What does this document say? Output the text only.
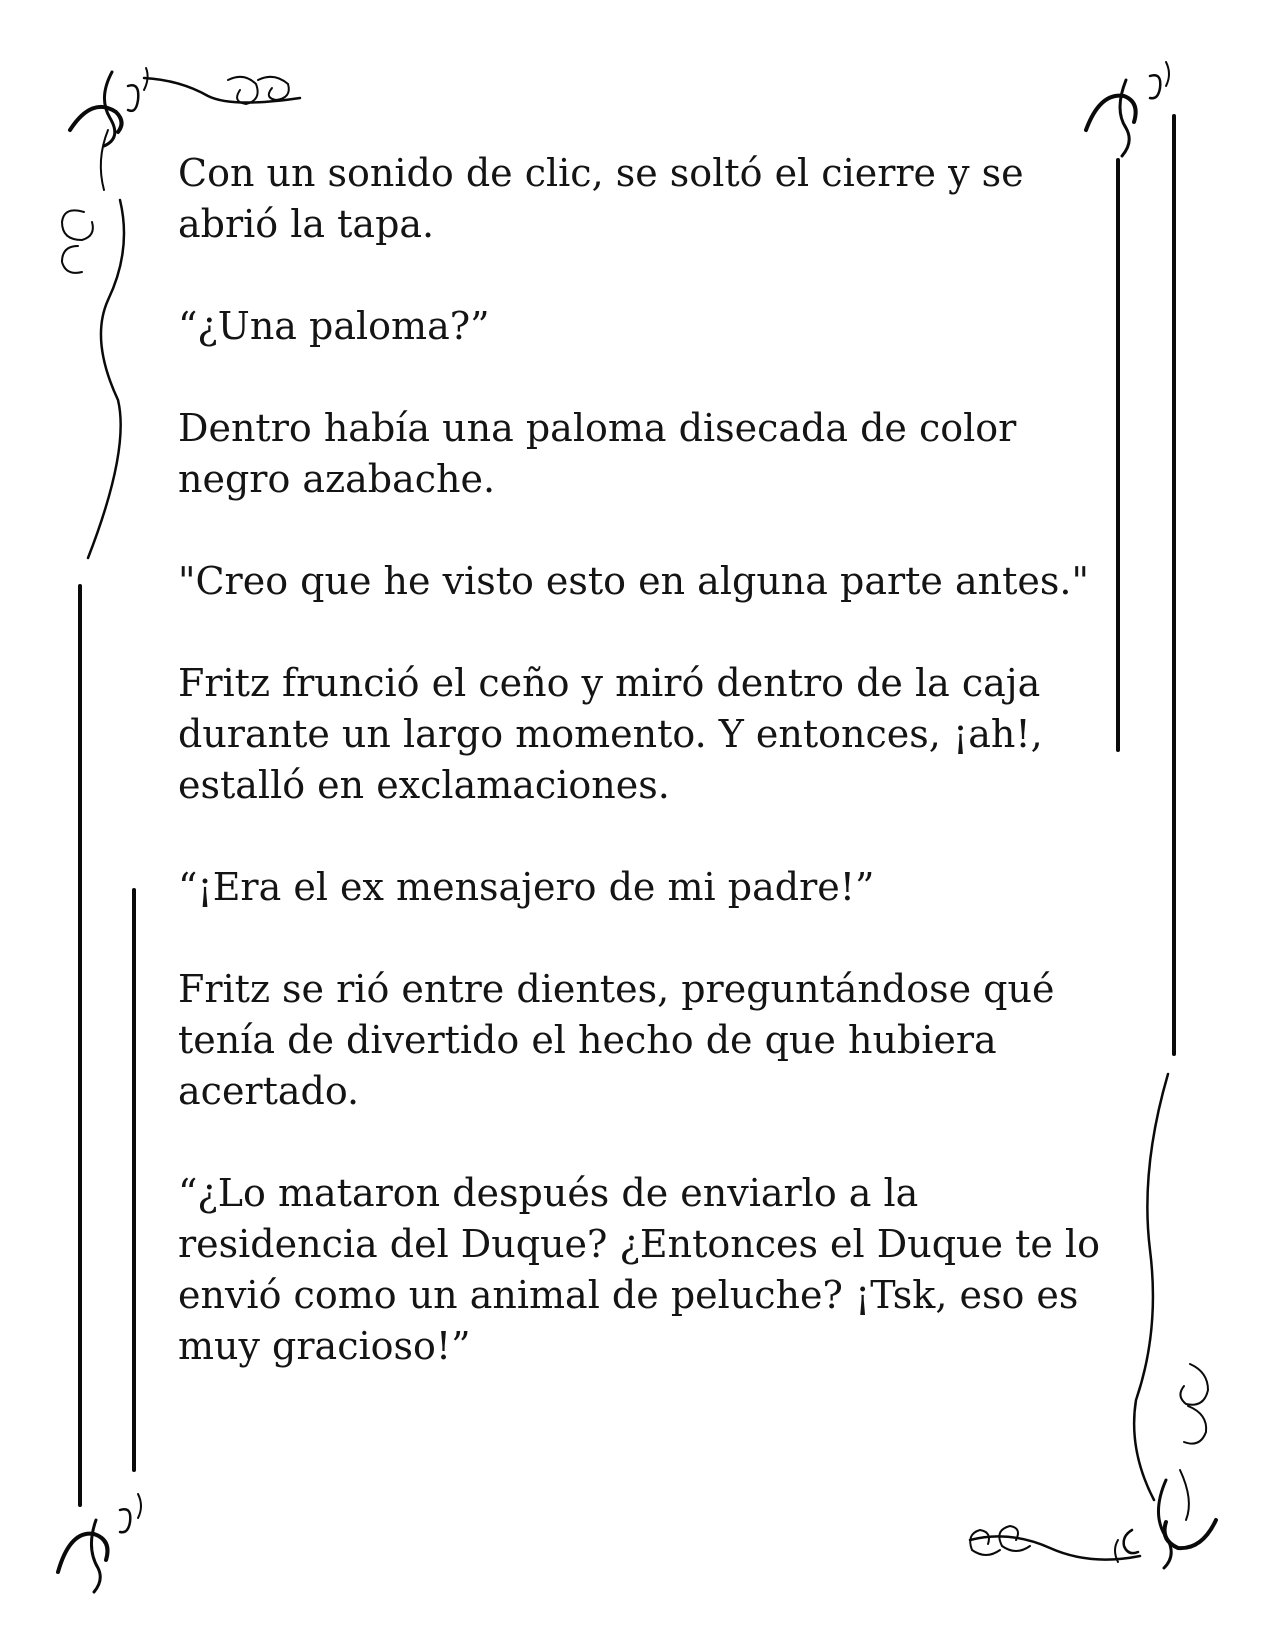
Con un sonido de clic, se soltó el cierre y se
abrió la tapa.

“¿Una paloma?”

Dentro había una paloma disecada de color
negro azabache.

"Creo que he visto esto en alguna parte antes."

Fritz frunció el ceño y miró dentro de la caja
durante un largo momento. Y entonces, ¡ah!,
estalló en exclamaciones.

“¡Era el ex mensajero de mi padre!”

Fritz se rió entre dientes, preguntándose qué
tenía de divertido el hecho de que hubiera
acertado.

“¿Lo mataron después de enviarlo a la
residencia del Duque? ¿Entonces el Duque te lo
envió como un animal de peluche? ¡Tsk, eso es
muy gracioso!”
